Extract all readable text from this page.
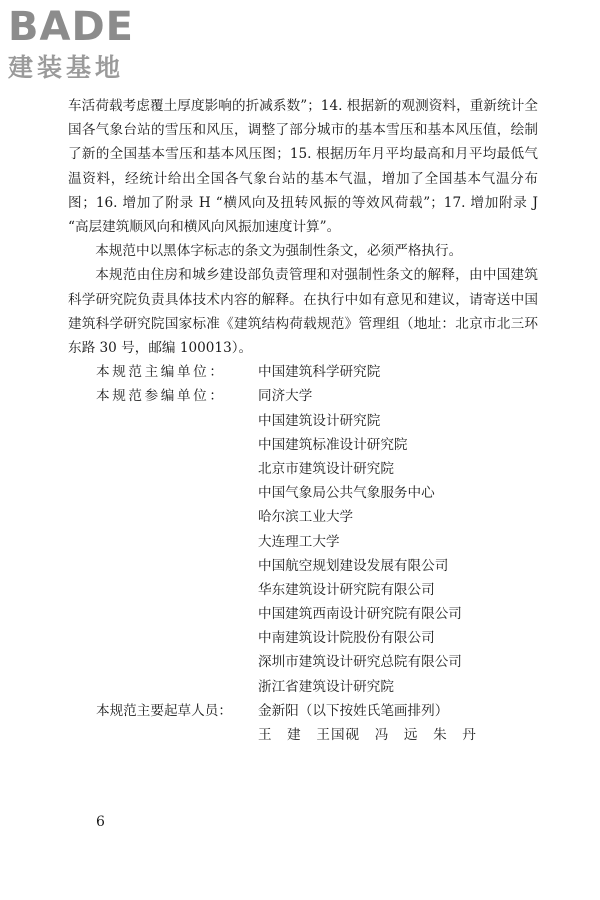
BADE
建装基地

车活荷载考虑覆土厚度影响的折减系数”；14. 根据新的观测资料，重新统计全国各气象台站的雪压和风压，调整了部分城市的基本雪压和基本风压值，绘制了新的全国基本雪压和基本风压图；15. 根据历年月平均最高和月平均最低气温资料，经统计给出全国各气象台站的基本气温，增加了全国基本气温分布图；16. 增加了附录 H “横风向及扭转风振的等效风荷载”；17. 增加附录 J “高层建筑顺风向和横风向风振加速度计算”。

本规范中以黑体字标志的条文为强制性条文，必须严格执行。

本规范由住房和城乡建设部负责管理和对强制性条文的解释，由中国建筑科学研究院负责具体技术内容的解释。在执行中如有意见和建议，请寄送中国建筑科学研究院国家标准《建筑结构荷载规范》管理组（地址：北京市北三环东路 30 号，邮编 100013）。

本规范主编单位：	中国建筑科学研究院
本规范参编单位：	同济大学
中国建筑设计研究院
中国建筑标准设计研究院
北京市建筑设计研究院
中国气象局公共气象服务中心
哈尔滨工业大学
大连理工大学
中国航空规划建设发展有限公司
华东建筑设计研究院有限公司
中国建筑西南设计研究院有限公司
中南建筑设计院股份有限公司
深圳市建筑设计研究总院有限公司
浙江省建筑设计研究院
本规范主要起草人员：	金新阳（以下按姓氏笔画排列）
王　建　王国砚　冯　远　朱　丹
6
